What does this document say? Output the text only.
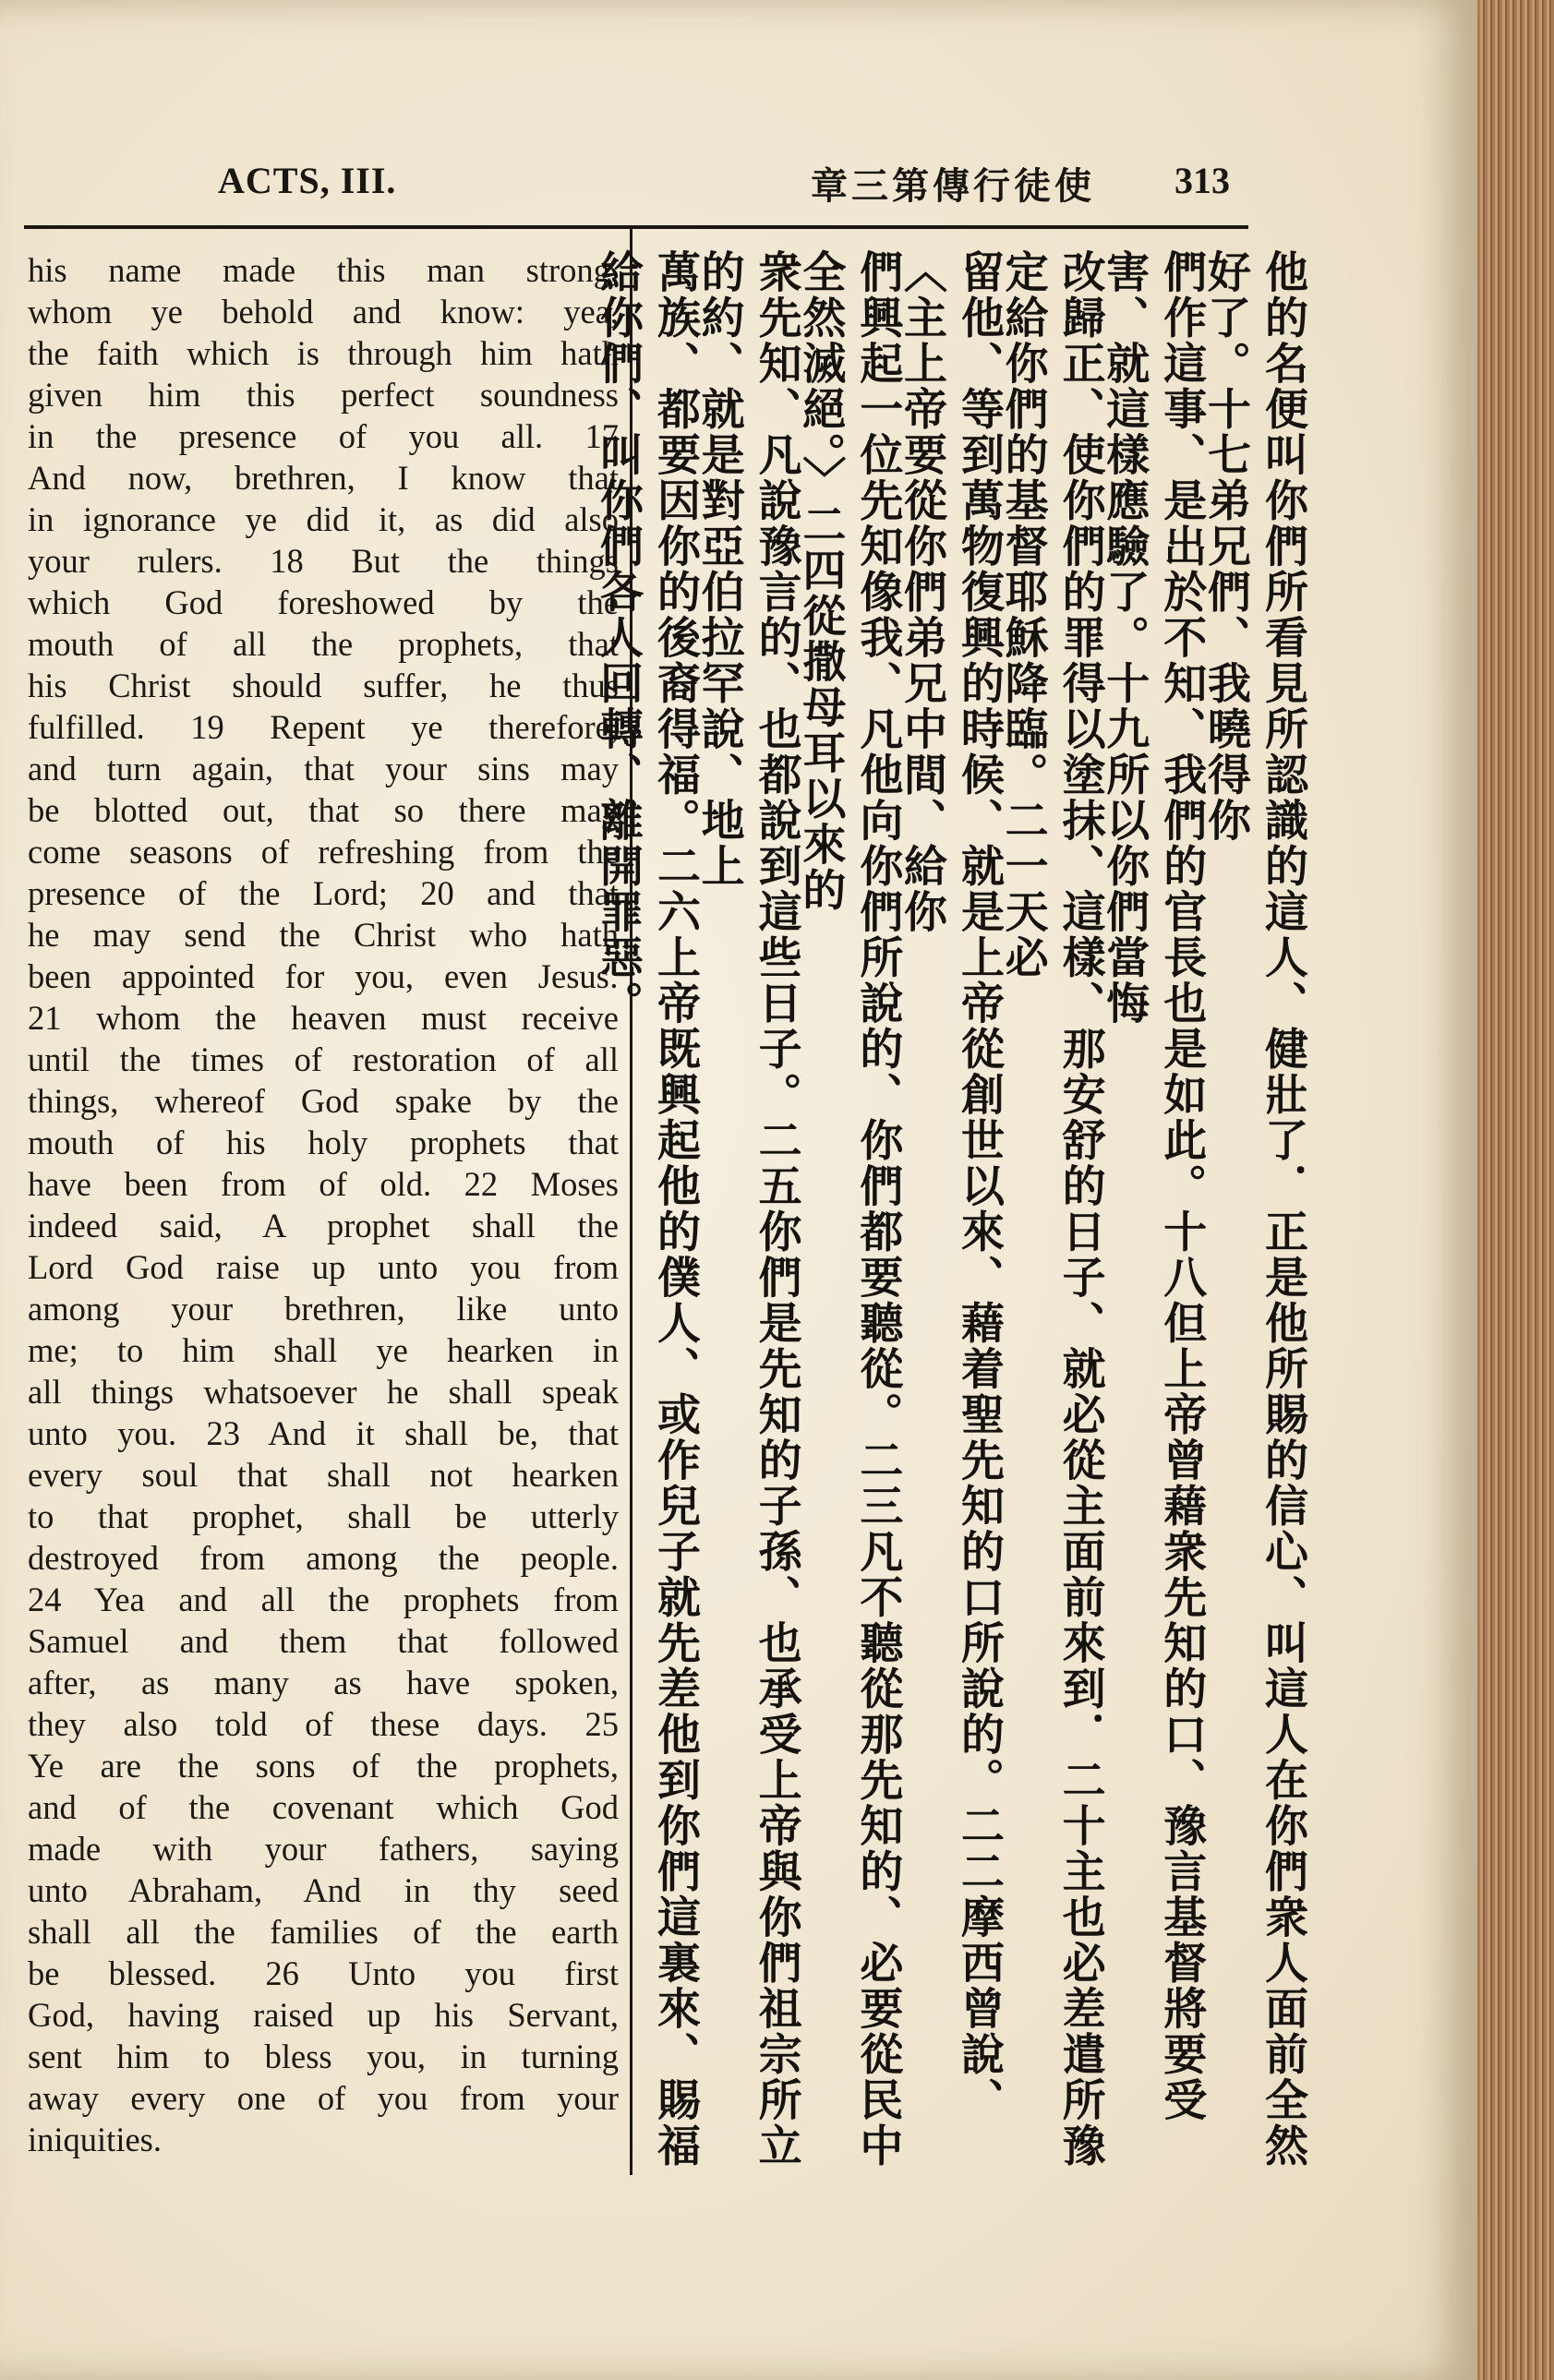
ACTS, III.	章三第傳行徒使 313
his name made this man strong,
whom ye behold and know: yea,
the faith which is through him hath
given him this perfect soundness
in the presence of you all. 17
And now, brethren, I know that
in ignorance ye did it, as did also
your rulers. 18 But the things
which God foreshowed by the
mouth of all the prophets, that
his Christ should suffer, he thus
fulfilled. 19 Repent ye therefore,
and turn again, that your sins may
be blotted out, that so there may
come seasons of refreshing from the
presence of the Lord; 20 and that
he may send the Christ who hath
been appointed for you, even Jesus:
21 whom the heaven must receive
until the times of restoration of all
things, whereof God spake by the
mouth of his holy prophets that
have been from of old. 22 Moses
indeed said, A prophet shall the
Lord God raise up unto you from
among your brethren, like unto
me; to him shall ye hearken in
all things whatsoever he shall speak
unto you. 23 And it shall be, that
every soul that shall not hearken
to that prophet, shall be utterly
destroyed from among the people.
24 Yea and all the prophets from
Samuel and them that followed
after, as many as have spoken,
they also told of these days. 25
Ye are the sons of the prophets,
and of the covenant which God
made with your fathers, saying
unto Abraham, And in thy seed
shall all the families of the earth
be blessed. 26 Unto you first
God, having raised up his Servant,
sent him to bless you, in turning
away every one of you from your
iniquities.	他的名便叫你們所看見所認識的這人、健壯了．正是他所賜的信心、叫這人在你們衆人面前全然好了。十七弟兄們、我曉得你
們作這事、是出於不知、我們的官長也是如此。十八但上帝曾藉衆先知的口、豫言基督將要受害、就這樣應驗了。十九所以你們當悔
改歸正、使你們的罪得以塗抹、這樣、那安舒的日子、就必從主面前來到．二十主也必差遣所豫定給你們的基督耶穌降臨。二一天必
留他、等到萬物復興的時候、就是上帝從創世以來、藉着聖先知的口所說的。二二摩西曾說、〈主上帝要從你們弟兄中間、給你
們興起一位先知像我、凡他向你們所說的、你們都要聽從。二三凡不聽從那先知的、必要從民中全然滅絕。〉二四從撒母耳以來的
衆先知、凡說豫言的、也都說到這些日子。二五你們是先知的子孫、也承受上帝與你們祖宗所立的約、就是對亞伯拉罕說、地上
萬族、都要因你的後裔得福。二六上帝既興起他的僕人、或作兒子就先差他到你們這裏來、賜福給你們、叫你們各人回轉、離開罪惡。
